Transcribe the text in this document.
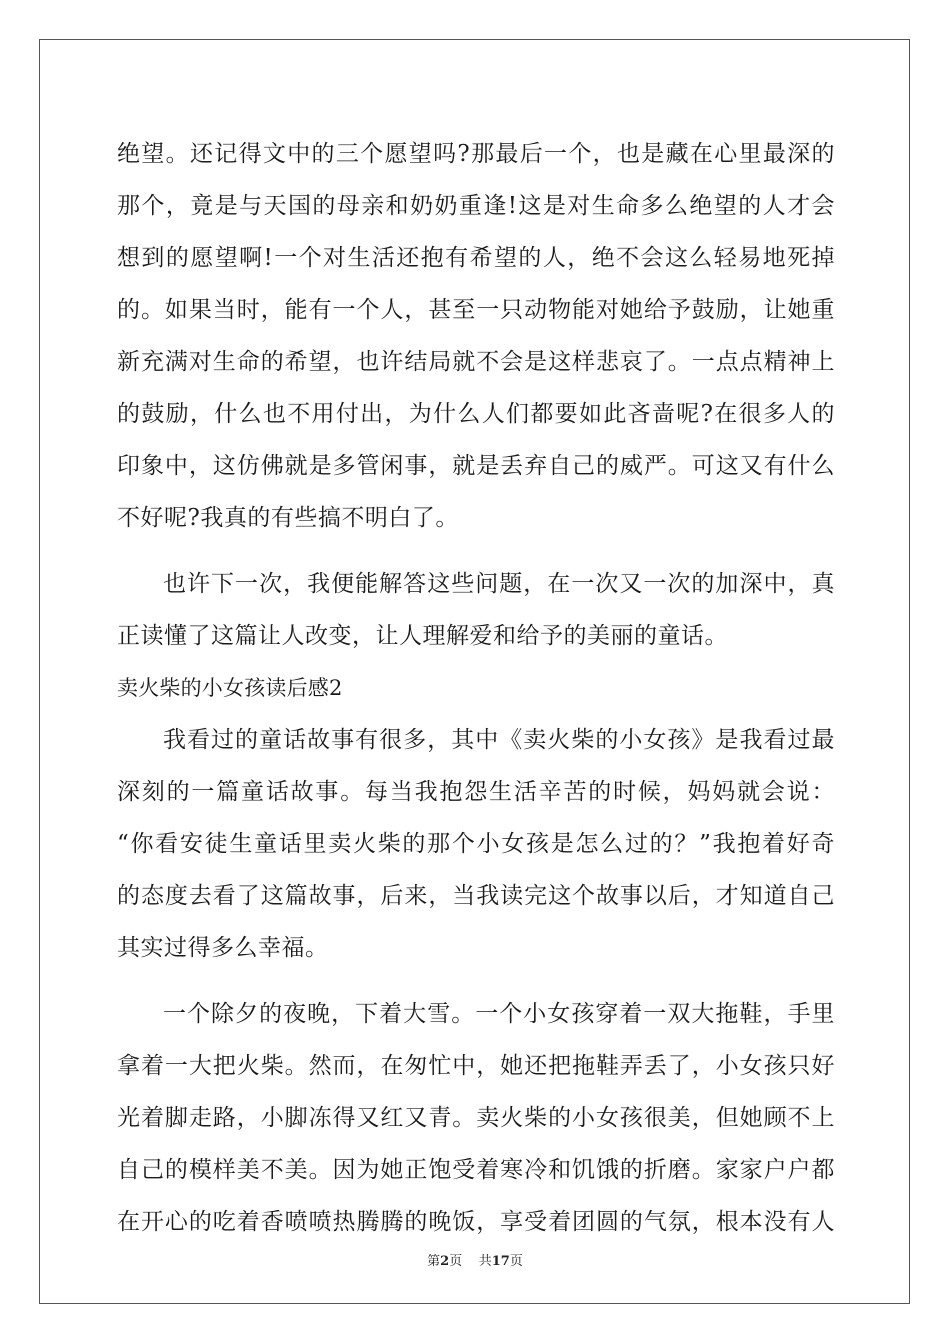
绝望。还记得文中的三个愿望吗?那最后一个，也是藏在心里最深的
那个，竟是与天国的母亲和奶奶重逢!这是对生命多么绝望的人才会
想到的愿望啊!一个对生活还抱有希望的人，绝不会这么轻易地死掉
的。如果当时，能有一个人，甚至一只动物能对她给予鼓励，让她重
新充满对生命的希望，也许结局就不会是这样悲哀了。一点点精神上
的鼓励，什么也不用付出，为什么人们都要如此吝啬呢?在很多人的
印象中，这仿佛就是多管闲事，就是丢弃自己的威严。可这又有什么
不好呢?我真的有些搞不明白了。
也许下一次，我便能解答这些问题，在一次又一次的加深中，真
正读懂了这篇让人改变，让人理解爱和给予的美丽的童话。
卖火柴的小女孩读后感2
我看过的童话故事有很多，其中《卖火柴的小女孩》是我看过最
深刻的一篇童话故事。每当我抱怨生活辛苦的时候，妈妈就会说：
“你看安徒生童话里卖火柴的那个小女孩是怎么过的？”我抱着好奇
的态度去看了这篇故事，后来，当我读完这个故事以后，才知道自己
其实过得多么幸福。
一个除夕的夜晚，下着大雪。一个小女孩穿着一双大拖鞋，手里
拿着一大把火柴。然而，在匆忙中，她还把拖鞋弄丢了，小女孩只好
光着脚走路，小脚冻得又红又青。卖火柴的小女孩很美，但她顾不上
自己的模样美不美。因为她正饱受着寒冷和饥饿的折磨。家家户户都
在开心的吃着香喷喷热腾腾的晚饭，享受着团圆的气氛，根本没有人
第2页 共17页
